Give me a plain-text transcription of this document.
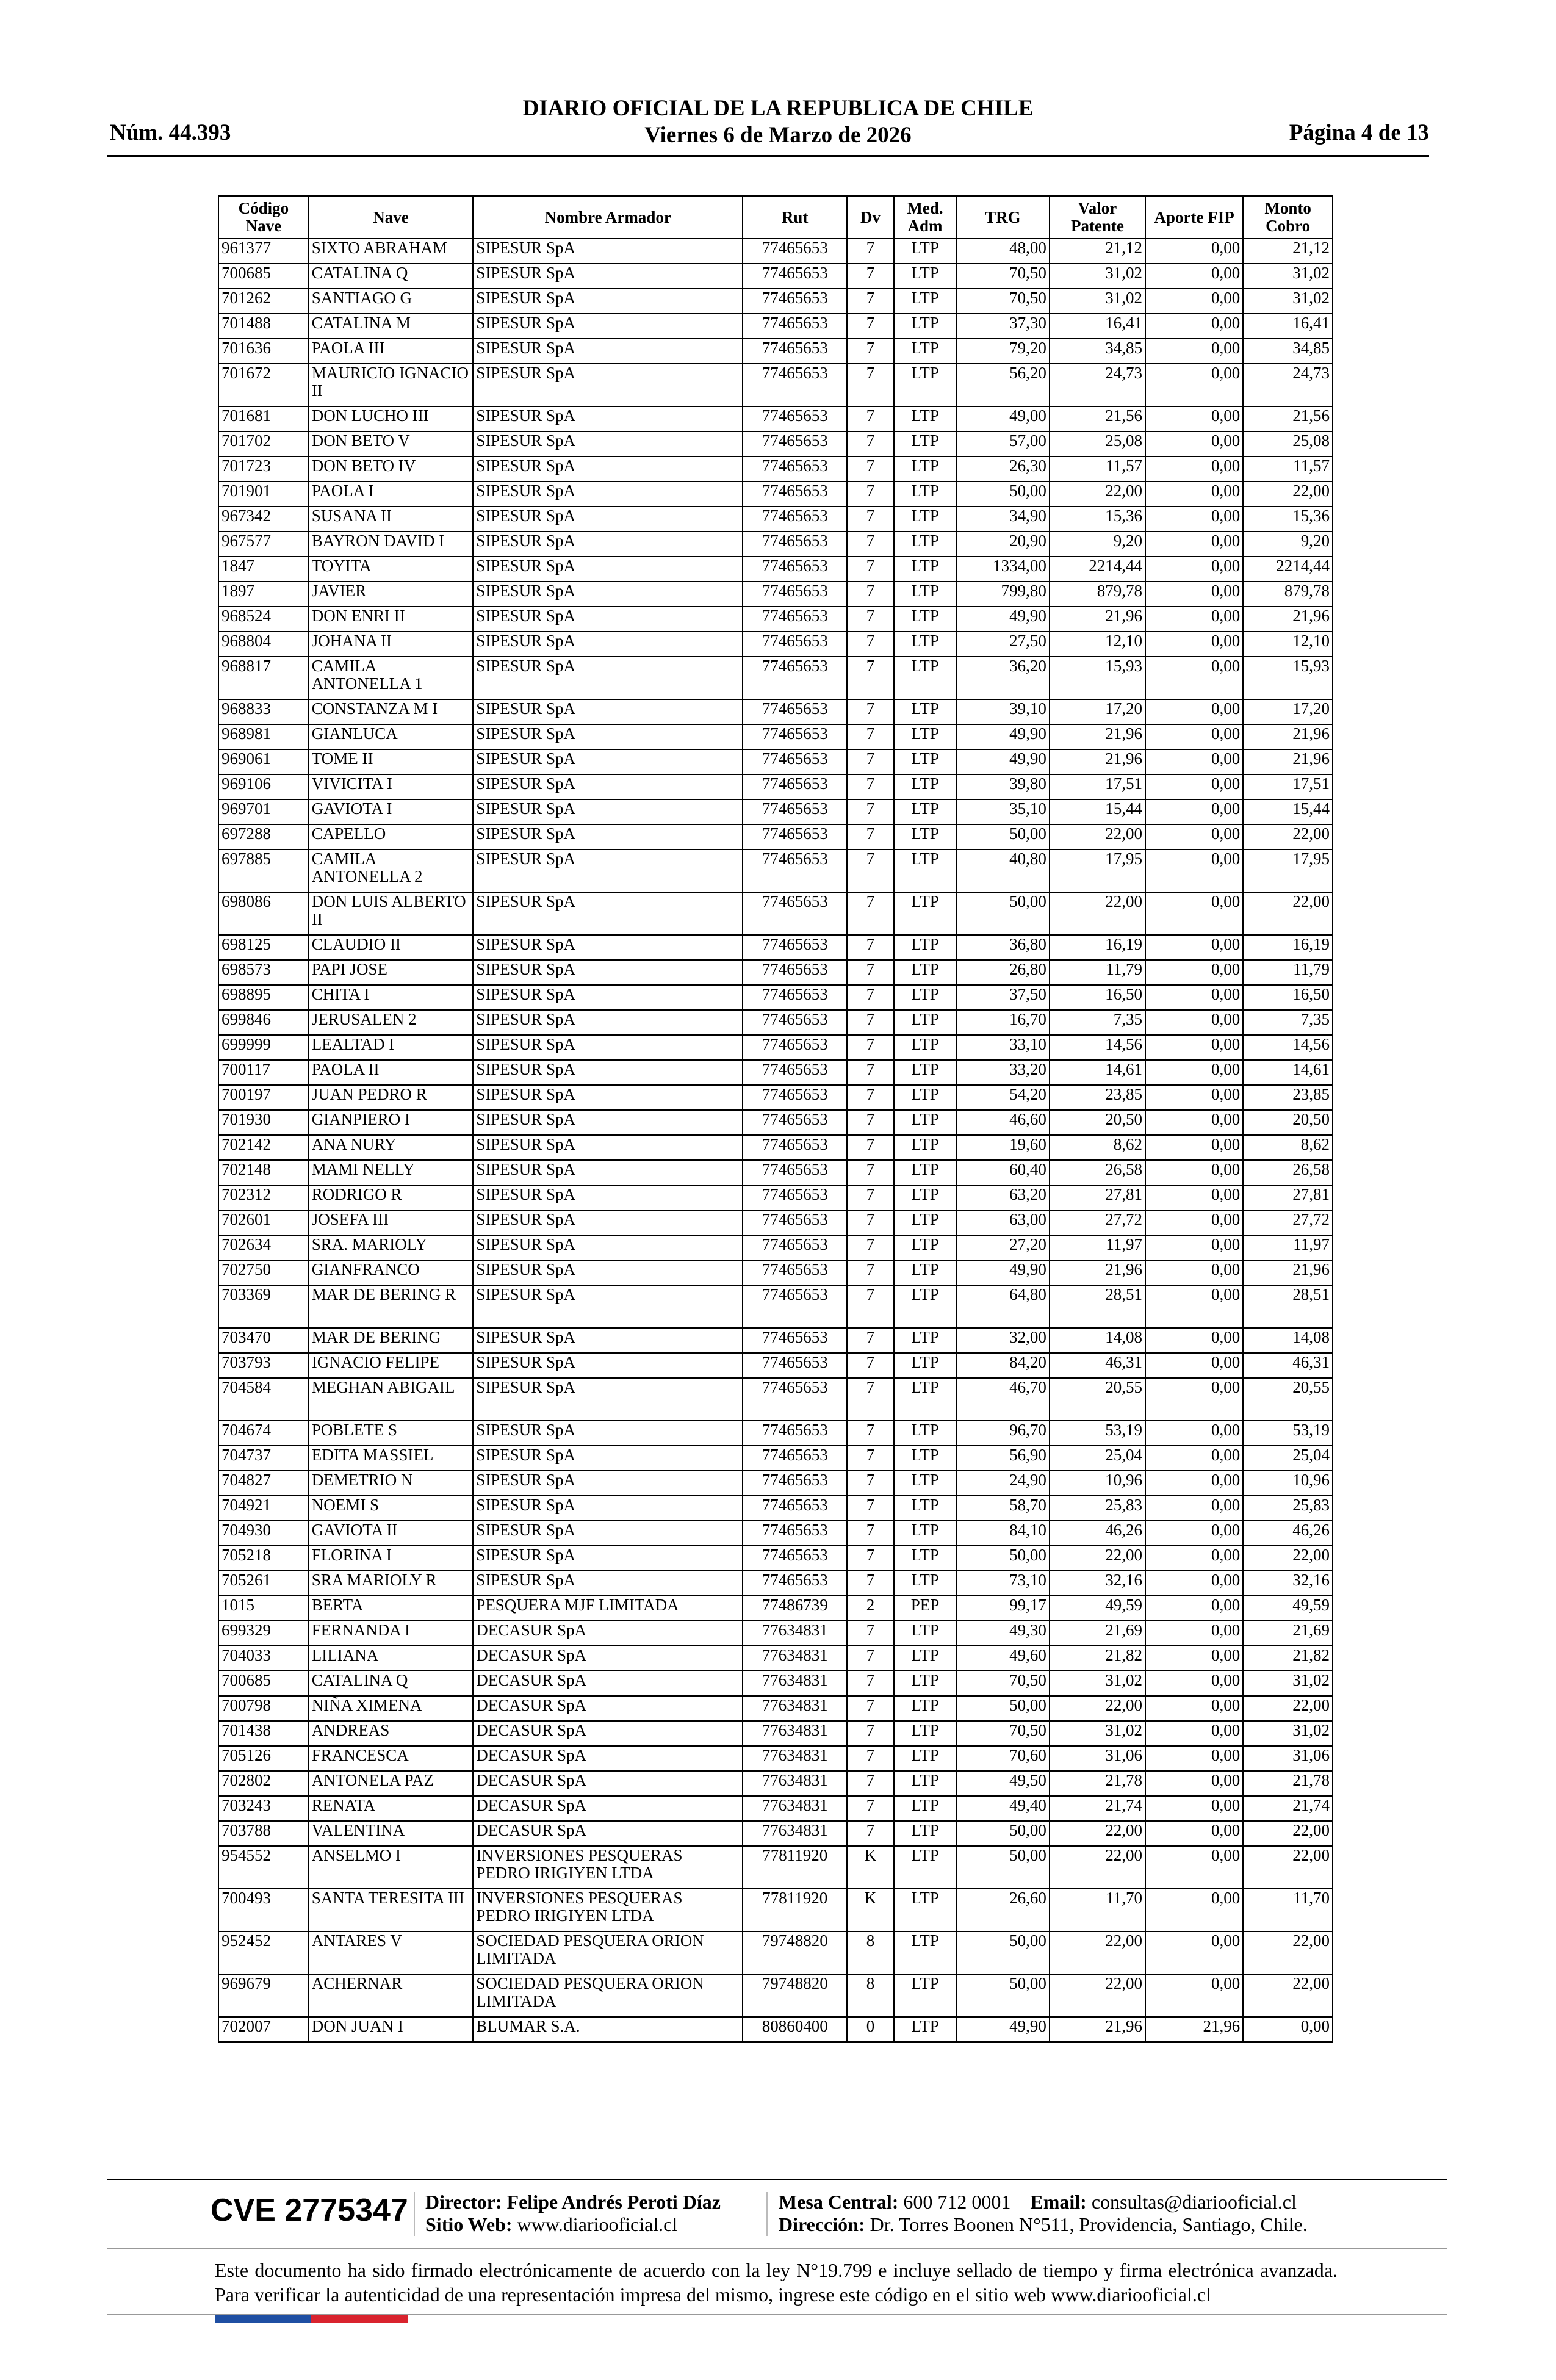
DIARIO OFICIAL DE LA REPUBLICA DE CHILE
Núm. 44.393	Viernes 6 de Marzo de 2026	Página 4 de 13
Código Nave	Nave	Nombre Armador	Rut	Dv	Med. Adm	TRG	Valor Patente	Aporte FIP	Monto Cobro
961377	SIXTO ABRAHAM	SIPESUR SpA	77465653	7	LTP	48,00	21,12	0,00	21,12
700685	CATALINA Q	SIPESUR SpA	77465653	7	LTP	70,50	31,02	0,00	31,02
701262	SANTIAGO G	SIPESUR SpA	77465653	7	LTP	70,50	31,02	0,00	31,02
701488	CATALINA M	SIPESUR SpA	77465653	7	LTP	37,30	16,41	0,00	16,41
701636	PAOLA III	SIPESUR SpA	77465653	7	LTP	79,20	34,85	0,00	34,85
701672	MAURICIO IGNACIO II	SIPESUR SpA	77465653	7	LTP	56,20	24,73	0,00	24,73
701681	DON LUCHO III	SIPESUR SpA	77465653	7	LTP	49,00	21,56	0,00	21,56
701702	DON BETO V	SIPESUR SpA	77465653	7	LTP	57,00	25,08	0,00	25,08
701723	DON BETO IV	SIPESUR SpA	77465653	7	LTP	26,30	11,57	0,00	11,57
701901	PAOLA I	SIPESUR SpA	77465653	7	LTP	50,00	22,00	0,00	22,00
967342	SUSANA II	SIPESUR SpA	77465653	7	LTP	34,90	15,36	0,00	15,36
967577	BAYRON DAVID I	SIPESUR SpA	77465653	7	LTP	20,90	9,20	0,00	9,20
1847	TOYITA	SIPESUR SpA	77465653	7	LTP	1334,00	2214,44	0,00	2214,44
1897	JAVIER	SIPESUR SpA	77465653	7	LTP	799,80	879,78	0,00	879,78
968524	DON ENRI II	SIPESUR SpA	77465653	7	LTP	49,90	21,96	0,00	21,96
968804	JOHANA II	SIPESUR SpA	77465653	7	LTP	27,50	12,10	0,00	12,10
968817	CAMILA ANTONELLA 1	SIPESUR SpA	77465653	7	LTP	36,20	15,93	0,00	15,93
968833	CONSTANZA M I	SIPESUR SpA	77465653	7	LTP	39,10	17,20	0,00	17,20
968981	GIANLUCA	SIPESUR SpA	77465653	7	LTP	49,90	21,96	0,00	21,96
969061	TOME II	SIPESUR SpA	77465653	7	LTP	49,90	21,96	0,00	21,96
969106	VIVICITA I	SIPESUR SpA	77465653	7	LTP	39,80	17,51	0,00	17,51
969701	GAVIOTA I	SIPESUR SpA	77465653	7	LTP	35,10	15,44	0,00	15,44
697288	CAPELLO	SIPESUR SpA	77465653	7	LTP	50,00	22,00	0,00	22,00
697885	CAMILA ANTONELLA 2	SIPESUR SpA	77465653	7	LTP	40,80	17,95	0,00	17,95
698086	DON LUIS ALBERTO II	SIPESUR SpA	77465653	7	LTP	50,00	22,00	0,00	22,00
698125	CLAUDIO II	SIPESUR SpA	77465653	7	LTP	36,80	16,19	0,00	16,19
698573	PAPI JOSE	SIPESUR SpA	77465653	7	LTP	26,80	11,79	0,00	11,79
698895	CHITA I	SIPESUR SpA	77465653	7	LTP	37,50	16,50	0,00	16,50
699846	JERUSALEN 2	SIPESUR SpA	77465653	7	LTP	16,70	7,35	0,00	7,35
699999	LEALTAD I	SIPESUR SpA	77465653	7	LTP	33,10	14,56	0,00	14,56
700117	PAOLA II	SIPESUR SpA	77465653	7	LTP	33,20	14,61	0,00	14,61
700197	JUAN PEDRO R	SIPESUR SpA	77465653	7	LTP	54,20	23,85	0,00	23,85
701930	GIANPIERO I	SIPESUR SpA	77465653	7	LTP	46,60	20,50	0,00	20,50
702142	ANA NURY	SIPESUR SpA	77465653	7	LTP	19,60	8,62	0,00	8,62
702148	MAMI NELLY	SIPESUR SpA	77465653	7	LTP	60,40	26,58	0,00	26,58
702312	RODRIGO R	SIPESUR SpA	77465653	7	LTP	63,20	27,81	0,00	27,81
702601	JOSEFA III	SIPESUR SpA	77465653	7	LTP	63,00	27,72	0,00	27,72
702634	SRA. MARIOLY	SIPESUR SpA	77465653	7	LTP	27,20	11,97	0,00	11,97
702750	GIANFRANCO	SIPESUR SpA	77465653	7	LTP	49,90	21,96	0,00	21,96
703369	MAR DE BERING R	SIPESUR SpA	77465653	7	LTP	64,80	28,51	0,00	28,51
703470	MAR DE BERING	SIPESUR SpA	77465653	7	LTP	32,00	14,08	0,00	14,08
703793	IGNACIO FELIPE	SIPESUR SpA	77465653	7	LTP	84,20	46,31	0,00	46,31
704584	MEGHAN ABIGAIL	SIPESUR SpA	77465653	7	LTP	46,70	20,55	0,00	20,55
704674	POBLETE S	SIPESUR SpA	77465653	7	LTP	96,70	53,19	0,00	53,19
704737	EDITA MASSIEL	SIPESUR SpA	77465653	7	LTP	56,90	25,04	0,00	25,04
704827	DEMETRIO N	SIPESUR SpA	77465653	7	LTP	24,90	10,96	0,00	10,96
704921	NOEMI S	SIPESUR SpA	77465653	7	LTP	58,70	25,83	0,00	25,83
704930	GAVIOTA II	SIPESUR SpA	77465653	7	LTP	84,10	46,26	0,00	46,26
705218	FLORINA I	SIPESUR SpA	77465653	7	LTP	50,00	22,00	0,00	22,00
705261	SRA MARIOLY R	SIPESUR SpA	77465653	7	LTP	73,10	32,16	0,00	32,16
1015	BERTA	PESQUERA MJF LIMITADA	77486739	2	PEP	99,17	49,59	0,00	49,59
699329	FERNANDA I	DECASUR SpA	77634831	7	LTP	49,30	21,69	0,00	21,69
704033	LILIANA	DECASUR SpA	77634831	7	LTP	49,60	21,82	0,00	21,82
700685	CATALINA Q	DECASUR SpA	77634831	7	LTP	70,50	31,02	0,00	31,02
700798	NIÑA XIMENA	DECASUR SpA	77634831	7	LTP	50,00	22,00	0,00	22,00
701438	ANDREAS	DECASUR SpA	77634831	7	LTP	70,50	31,02	0,00	31,02
705126	FRANCESCA	DECASUR SpA	77634831	7	LTP	70,60	31,06	0,00	31,06
702802	ANTONELA PAZ	DECASUR SpA	77634831	7	LTP	49,50	21,78	0,00	21,78
703243	RENATA	DECASUR SpA	77634831	7	LTP	49,40	21,74	0,00	21,74
703788	VALENTINA	DECASUR SpA	77634831	7	LTP	50,00	22,00	0,00	22,00
954552	ANSELMO I	INVERSIONES PESQUERAS PEDRO IRIGIYEN LTDA	77811920	K	LTP	50,00	22,00	0,00	22,00
700493	SANTA TERESITA III	INVERSIONES PESQUERAS PEDRO IRIGIYEN LTDA	77811920	K	LTP	26,60	11,70	0,00	11,70
952452	ANTARES V	SOCIEDAD PESQUERA ORION LIMITADA	79748820	8	LTP	50,00	22,00	0,00	22,00
969679	ACHERNAR	SOCIEDAD PESQUERA ORION LIMITADA	79748820	8	LTP	50,00	22,00	0,00	22,00
702007	DON JUAN I	BLUMAR S.A.	80860400	0	LTP	49,90	21,96	21,96	0,00
CVE 2775347 Director: Felipe Andrés Peroti Díaz
Sitio Web: www.diariooficial.cl
Mesa Central: 600 712 0001 Email: consultas@diariooficial.cl
Dirección: Dr. Torres Boonen N°511, Providencia, Santiago, Chile.
Este documento ha sido firmado electrónicamente de acuerdo con la ley N°19.799 e incluye sellado de tiempo y firma electrónica avanzada. Para verificar la autenticidad de una representación impresa del mismo, ingrese este código en el sitio web www.diariooficial.cl
